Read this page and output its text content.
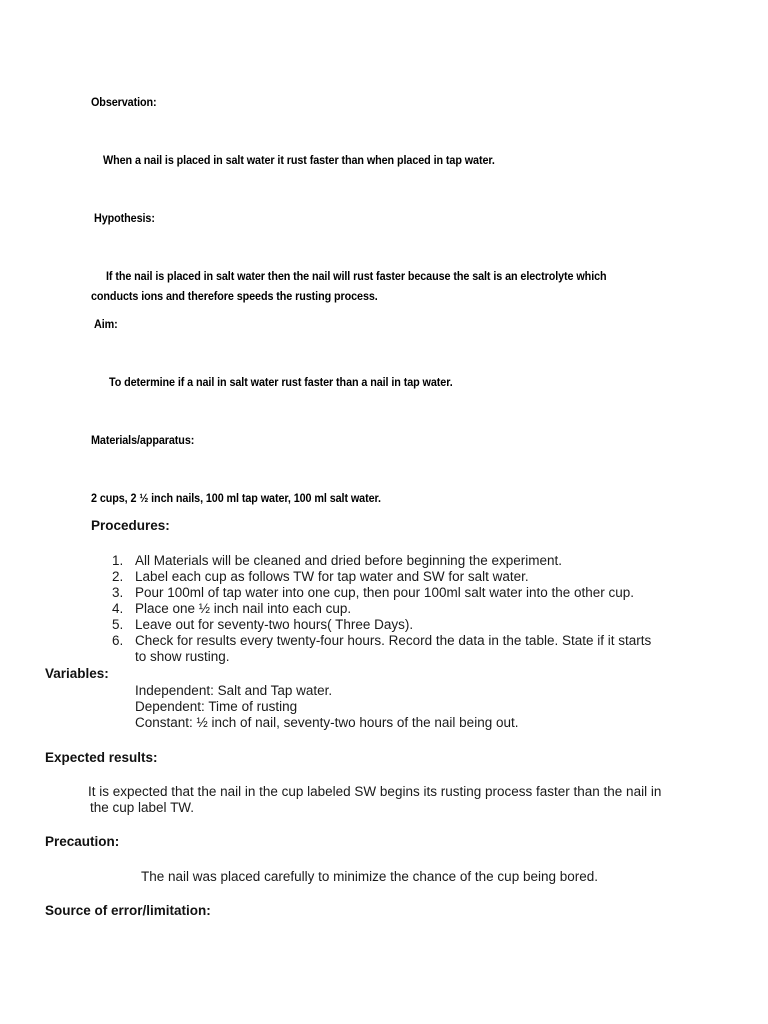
Observation:
When a nail is placed in salt water it rust faster than when placed in tap water.
Hypothesis:
If the nail is placed in salt water then the nail will rust faster because the salt is an electrolyte which
conducts ions and therefore speeds the rusting process.
Aim:
To determine if a nail in salt water rust faster than a nail in tap water.
Materials/apparatus:
2 cups, 2 ½ inch nails, 100 ml tap water, 100 ml salt water.
Procedures:
1. All Materials will be cleaned and dried before beginning the experiment.
2. Label each cup as follows TW for tap water and SW for salt water.
3. Pour 100ml of tap water into one cup, then pour 100ml salt water into the other cup.
4. Place one ½ inch nail into each cup.
5. Leave out for seventy-two hours( Three Days).
6. Check for results every twenty-four hours. Record the data in the table. State if it starts
to show rusting.
Variables:
Independent: Salt and Tap water.
Dependent: Time of rusting
Constant: ½ inch of nail, seventy-two hours of the nail being out.
Expected results:
It is expected that the nail in the cup labeled SW begins its rusting process faster than the nail in
the cup label TW.
Precaution:
The nail was placed carefully to minimize the chance of the cup being bored.
Source of error/limitation:
